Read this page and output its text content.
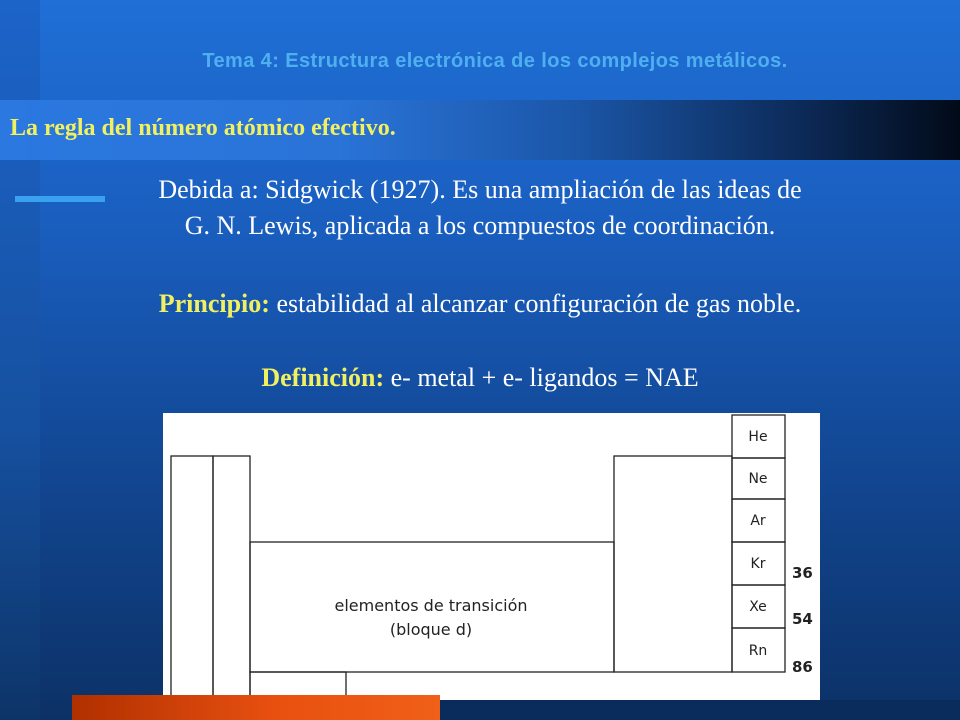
Tema 4: Estructura electrónica de los complejos metálicos.
La regla del número atómico efectivo.
Debida a: Sidgwick (1927). Es una ampliación de las ideas de
G. N. Lewis, aplicada a los compuestos de coordinación.
Principio: estabilidad al alcanzar configuración de gas noble.
Definición: e- metal + e- ligandos = NAE
He
Ne
Ar
Kr
Xe
Rn
elementos de transición
(bloque d)
36
54
86
